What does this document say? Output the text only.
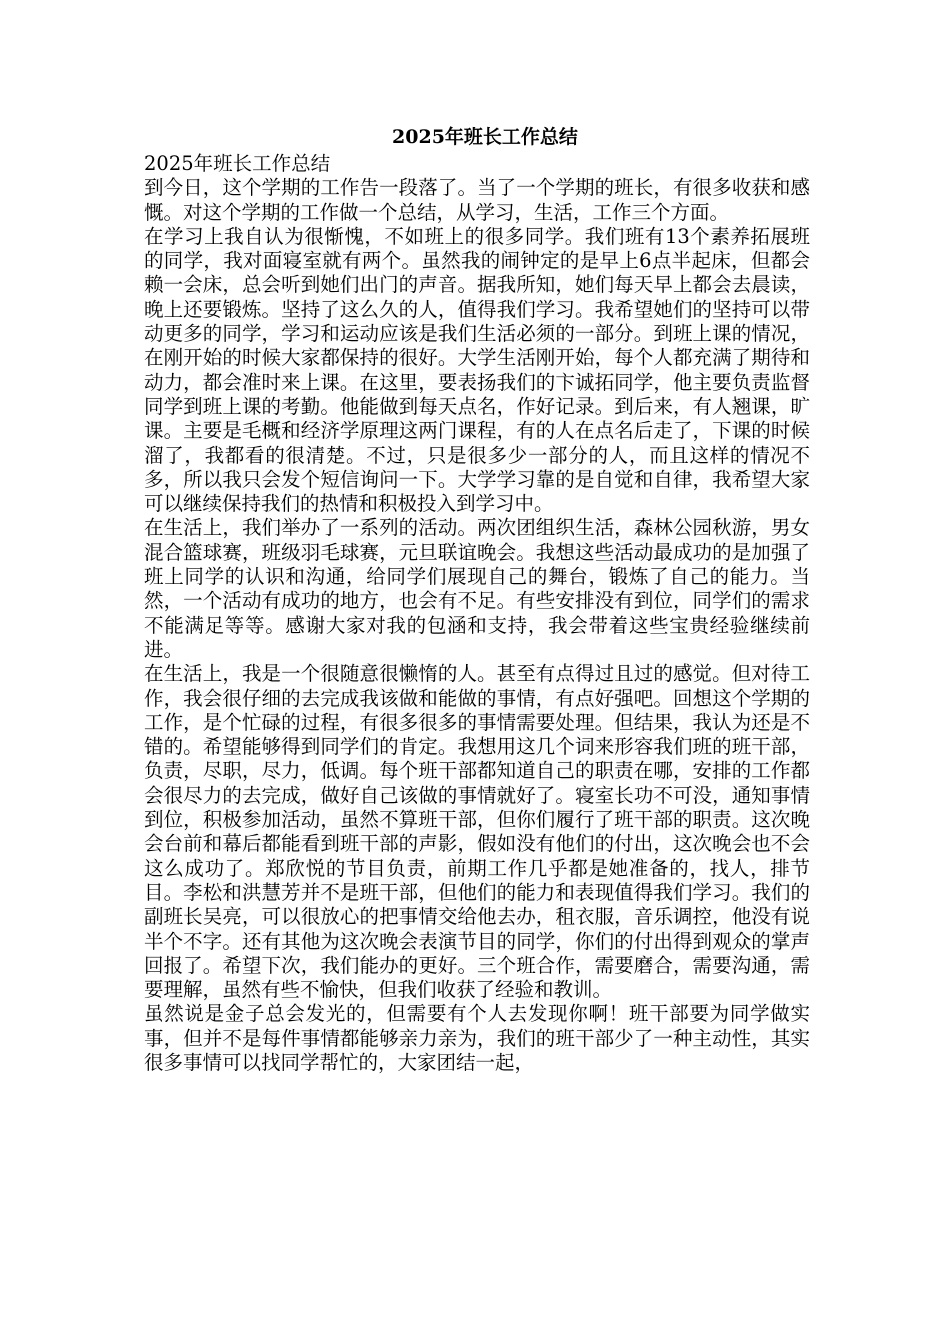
2025年班长工作总结

2025年班长工作总结

到今日，这个学期的工作告一段落了。当了一个学期的班长，有很多收获和感慨。对这个学期的工作做一个总结，从学习，生活，工作三个方面。

在学习上我自认为很惭愧，不如班上的很多同学。我们班有13个素养拓展班的同学，我对面寝室就有两个。虽然我的闹钟定的是早上6点半起床，但都会赖一会床，总会听到她们出门的声音。据我所知，她们每天早上都会去晨读，晚上还要锻炼。坚持了这么久的人，值得我们学习。我希望她们的坚持可以带动更多的同学，学习和运动应该是我们生活必须的一部分。到班上课的情况，在刚开始的时候大家都保持的很好。大学生活刚开始，每个人都充满了期待和动力，都会准时来上课。在这里，要表扬我们的卞诚拓同学，他主要负责监督同学到班上课的考勤。他能做到每天点名，作好记录。到后来，有人翘课，旷课。主要是毛概和经济学原理这两门课程，有的人在点名后走了，下课的时候溜了，我都看的很清楚。不过，只是很多少一部分的人，而且这样的情况不多，所以我只会发个短信询问一下。大学学习靠的是自觉和自律，我希望大家可以继续保持我们的热情和积极投入到学习中。

在生活上，我们举办了一系列的活动。两次团组织生活，森林公园秋游，男女混合篮球赛，班级羽毛球赛，元旦联谊晚会。我想这些活动最成功的是加强了班上同学的认识和沟通，给同学们展现自己的舞台，锻炼了自己的能力。当然，一个活动有成功的地方，也会有不足。有些安排没有到位，同学们的需求不能满足等等。感谢大家对我的包涵和支持，我会带着这些宝贵经验继续前进。

在生活上，我是一个很随意很懒惰的人。甚至有点得过且过的感觉。但对待工作，我会很仔细的去完成我该做和能做的事情，有点好强吧。回想这个学期的工作，是个忙碌的过程，有很多很多的事情需要处理。但结果，我认为还是不错的。希望能够得到同学们的肯定。我想用这几个词来形容我们班的班干部，负责，尽职，尽力，低调。每个班干部都知道自己的职责在哪，安排的工作都会很尽力的去完成，做好自己该做的事情就好了。寝室长功不可没，通知事情到位，积极参加活动，虽然不算班干部，但你们履行了班干部的职责。这次晚会台前和幕后都能看到班干部的声影，假如没有他们的付出，这次晚会也不会这么成功了。郑欣悦的节目负责，前期工作几乎都是她准备的，找人，排节目。李松和洪慧芳并不是班干部，但他们的能力和表现值得我们学习。我们的副班长吴亮，可以很放心的把事情交给他去办，租衣服，音乐调控，他没有说半个不字。还有其他为这次晚会表演节目的同学，你们的付出得到观众的掌声回报了。希望下次，我们能办的更好。三个班合作，需要磨合，需要沟通，需要理解，虽然有些不愉快，但我们收获了经验和教训。

虽然说是金子总会发光的，但需要有个人去发现你啊！班干部要为同学做实事，但并不是每件事情都能够亲力亲为，我们的班干部少了一种主动性，其实很多事情可以找同学帮忙的，大家团结一起，
